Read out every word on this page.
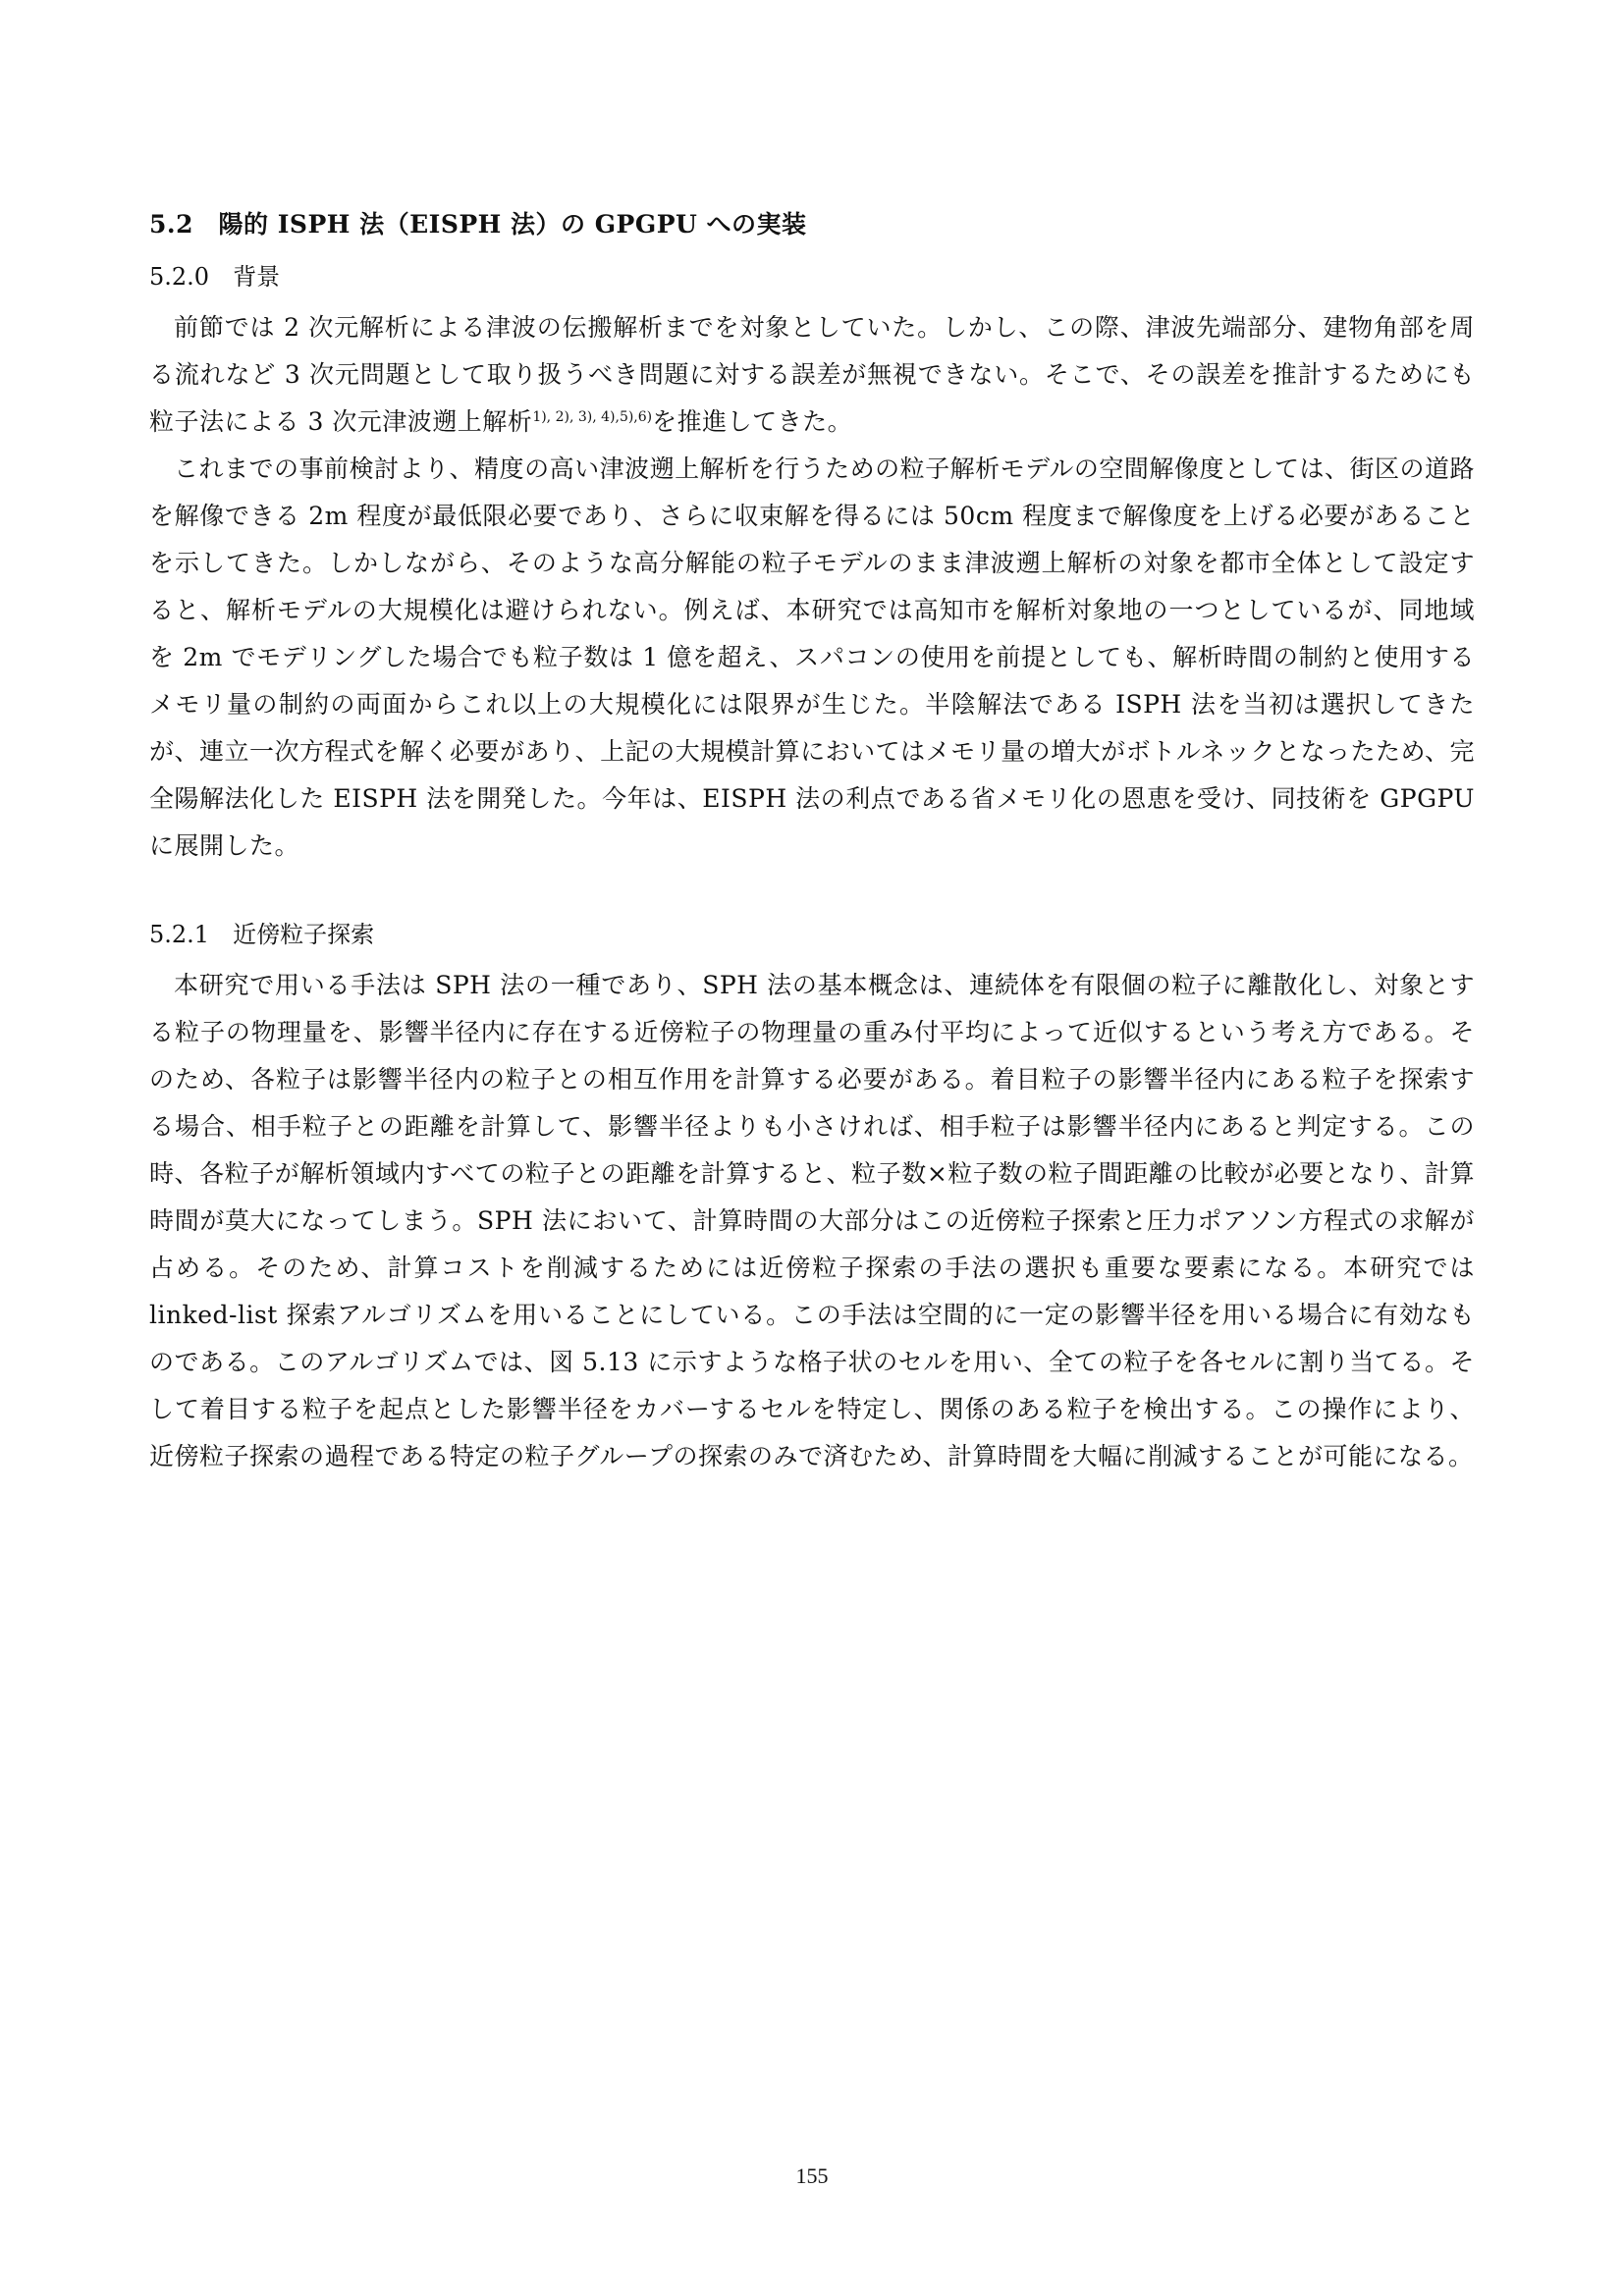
5.2　陽的 ISPH 法（EISPH 法）の GPGPU への実装
5.2.0　背景

前節では 2 次元解析による津波の伝搬解析までを対象としていた。しかし、この際、津波先端部分、建物角部を周る流れなど 3 次元問題として取り扱うべき問題に対する誤差が無視できない。そこで、その誤差を推計するためにも粒子法による 3 次元津波遡上解析$^{1), 2), 3), 4),5),6)}$を推進してきた。

これまでの事前検討より、精度の高い津波遡上解析を行うための粒子解析モデルの空間解像度としては、街区の道路を解像できる 2m 程度が最低限必要であり、さらに収束解を得るには 50cm 程度まで解像度を上げる必要があることを示してきた。しかしながら、そのような高分解能の粒子モデルのまま津波遡上解析の対象を都市全体として設定すると、解析モデルの大規模化は避けられない。例えば、本研究では高知市を解析対象地の一つとしているが、同地域を 2m でモデリングした場合でも粒子数は 1 億を超え、スパコンの使用を前提としても、解析時間の制約と使用するメモリ量の制約の両面からこれ以上の大規模化には限界が生じた。半陰解法である ISPH 法を当初は選択してきたが、連立一次方程式を解く必要があり、上記の大規模計算においてはメモリ量の増大がボトルネックとなったため、完全陽解法化した EISPH 法を開発した。今年は、EISPH 法の利点である省メモリ化の恩恵を受け、同技術を GPGPU に展開した。

5.2.1　近傍粒子探索

本研究で用いる手法は SPH 法の一種であり、SPH 法の基本概念は、連続体を有限個の粒子に離散化し、対象とする粒子の物理量を、影響半径内に存在する近傍粒子の物理量の重み付平均によって近似するという考え方である。そのため、各粒子は影響半径内の粒子との相互作用を計算する必要がある。着目粒子の影響半径内にある粒子を探索する場合、相手粒子との距離を計算して、影響半径よりも小さければ、相手粒子は影響半径内にあると判定する。この時、各粒子が解析領域内すべての粒子との距離を計算すると、粒子数×粒子数の粒子間距離の比較が必要となり、計算時間が莫大になってしまう。SPH 法において、計算時間の大部分はこの近傍粒子探索と圧力ポアソン方程式の求解が占める。そのため、計算コストを削減するためには近傍粒子探索の手法の選択も重要な要素になる。本研究では linked-list 探索アルゴリズムを用いることにしている。この手法は空間的に一定の影響半径を用いる場合に有効なものである。このアルゴリズムでは、図 5.13 に示すような格子状のセルを用い、全ての粒子を各セルに割り当てる。そして着目する粒子を起点とした影響半径をカバーするセルを特定し、関係のある粒子を検出する。この操作により、近傍粒子探索の過程である特定の粒子グループの探索のみで済むため、計算時間を大幅に削減することが可能になる。

155
